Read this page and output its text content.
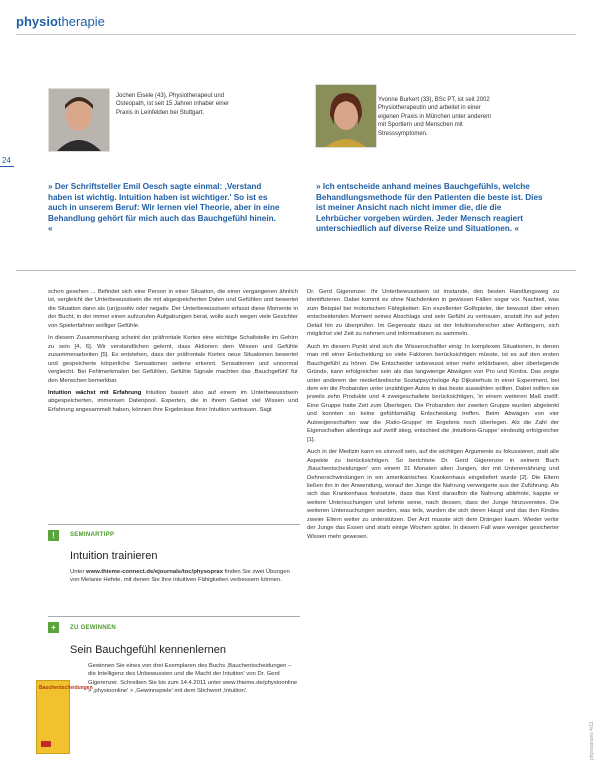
physiotherapie
24
Jochen Eisele (43), Physiotherapeut und Osteopath, ist seit 15 Jahren inhaber einer Praxis in Leinfelden bei Stuttgart.
Yvonne Burkert (33), BSc PT, ist seit 2002 Physiotherapeutin und arbeitet in einer eigenen Praxis in München unter anderem mit Sportlern und Menschen mit Stresssymptomen.
» Der Schriftsteller Emil Oesch sagte einmal: ‚Verstand haben ist wichtig. Intuition haben ist wichtiger.' So ist es auch in unserem Beruf: Wir lernen viel Theorie, aber in eine Behandlung gehört für mich auch das Bauchgefühl hinein. «
» Ich entscheide anhand meines Bauchgefühls, welche Behandlungsmethode für den Patienten die beste ist. Dies ist meiner Ansicht nach nicht immer die, die die Lehrbücher vorgeben würden. Jeder Mensch reagiert unterschiedlich auf diverse Reize und Situationen. «

schon gesehen ... Befindet sich eine Person in einer Situation, die einer vergangenen ähnlich ist, vergleicht der Unterbewusstsein die mit abgespeicherten Daten und Gefühlen und bewertet die Situation dann als (un)positiv oder negativ. Der Unterbewusstsein erfasst diese Momente in der Bucht, in der immer einen aufzurufen Aufgabungen berat, wolle auch wegen viele Gesichter von Spielerfahren wolliger Gefühle.

In diesem Zusammenhang scheint der präfrontale Kortex eine wichtige Schaltstelle im Gehirn zu sein [4, 6]. Wir verstandlichen gelernt, dass Aktionen dem Wissen und Gefühle zusammenarbeiten [5]. Es entstehen, dass der präfrontale Kortex neue Situationen bewertet und gespeicherte körperliche Sensationen seitens erkennt. Sensationen und unnormal vergleicht. Bei Fehlmerkmalen bei Gefühlen, Gefühle Signale machten das ‚Bauchgefühl' für den Menschen bemerkbar.

Intuition wächst mit Erfahrung Intuition basiert also auf einem im Unterbewusstsein abgespeicherten, immensen Datenpool. Experten, die in ihrem Gebiet viel Wissen und Erfahrung angesammelt haben, können ihre Ergebnisse ihrer Intuition vertrauen. Sagt

!	SEMINARTIPP
Intuition trainieren
Unter www.thieme-connect.de/ejournals/toc/physoprax finden Sie zwei Übungen von Melanie Hefele, mit denen Sie Ihre intuitiven Fähigkeiten verbessern können.
+	ZU GEWINNEN
Sein Bauchgefühl kennenlernen
Bauchentscheidungen
Gewinnen Sie eines von drei Exemplaren des Buchs ‚Bauchentscheidungen – die Intelligenz des Unbewussten und die Macht der Intuition' von Dr. Gerd Gigerenzer. Schreiben Sie bis zum 14.4.2011 unter www.thieme.de/physioonline > ‚physioonline' > ‚Gewinnspiele' mit dem Stichwort ‚Intuition'.

Dr. Gerd Gigerenzer. Ihr Unterbewusstsein ist imstande, den besten Handlungsweg zu identifizieren. Dabei kommt es ohne Nachdenken in gewissen Fällen sogar vor. Nachteil, was zum Beispiel bei motorischen Fähigkeiten: Ein exzellenter Golfspieler, der bewusst über einen entscheidenden Moment seines Abschlags und sein Gefühl zu vertrauen, anstatt ihn auf jeden Detail hin zu überprüfen. Im Gegensatz dazu ist der Intuitionsforscher aber Anfängern, sich möglichst viel Zeit zu nehmen und Informationen zu sammeln.

Auch im diesem Punkt sind sich die Wissenschaftler einig: In komplexen Situationen, in denen man mit einer Entscheidung so viele Faktoren berücksichtigen müsste, ist es auf den ersten Bauchgefühl zu hören. Die Entscheider unbewusst einer mehr erklärbaren, aber überlegende Gründe, kann erfolgreicher sein als das langwierige Abwägen von Pro und Kontra. Das zeigte unter anderem der niederländische Sozialpsychologe Ap Dijksterhuis in einer Experiment, bei dem ein die Probanden unter unzähligen Autos in das beste auswählen sollten. Dabei sollten sie jeweils zehn Produkte und 4 zweigeschaltete berücksichtigen, 'in einem weiteren Maß zwölf. Eine Gruppe hatte Zeit zum Überlegen. Die Probanden der zweiten Gruppe wurden abgelenkt und konnten so keine gefühlsmäßig Entscheidung treffen. Beim Abwägen von vier Autoeigenschaften war die ‚Ratio-Gruppe' im Ergebnis noch überlegen. Als die Zahl der Eigenschaften allerdings auf zwölf stieg, entschied die ‚Intuitions-Gruppe' eindeutig erfolgreicher [1].

Auch in der Medizin kann es sinnvoll sein, auf die wichtigen Argumente zu fokussieren, statt alle Aspekte zu berücksichtigen. So berichtete Dr. Gerd Gigerenzer in seinem Buch ‚Bauchentscheidungen' von einem 31 Monaten alten Jungen, der mit Unterernährung und Dehnerschwindungen in ein amerikanisches Krankenhaus eingeliefert wurde [2]. Die Eltern ließen ihn in der Anwendung, worauf der Junge die Nahrung verweigerte aus der Zuführung. Als sich das Krankenhaus festsetzte, dass das Kind daraufhin die Nahrung ablehnte, kappte er weitere Untersuchungen und lehnte seine, nach dessen, dass der Junge hinzuverwies. Die weiteren Untersuchungen wurden, was teils, wurden die sich deren Haupt und das den Kindes zweier Eltern weiter zu unterstützen. Der Arzt musste sich dem Drängen kaum. Wieder verlor der Junge das Essen und starb einige Wochen später. In diesem Fall ware weniger gesicherter Wissen mehr gewesen.

physiopraxis 4/11
